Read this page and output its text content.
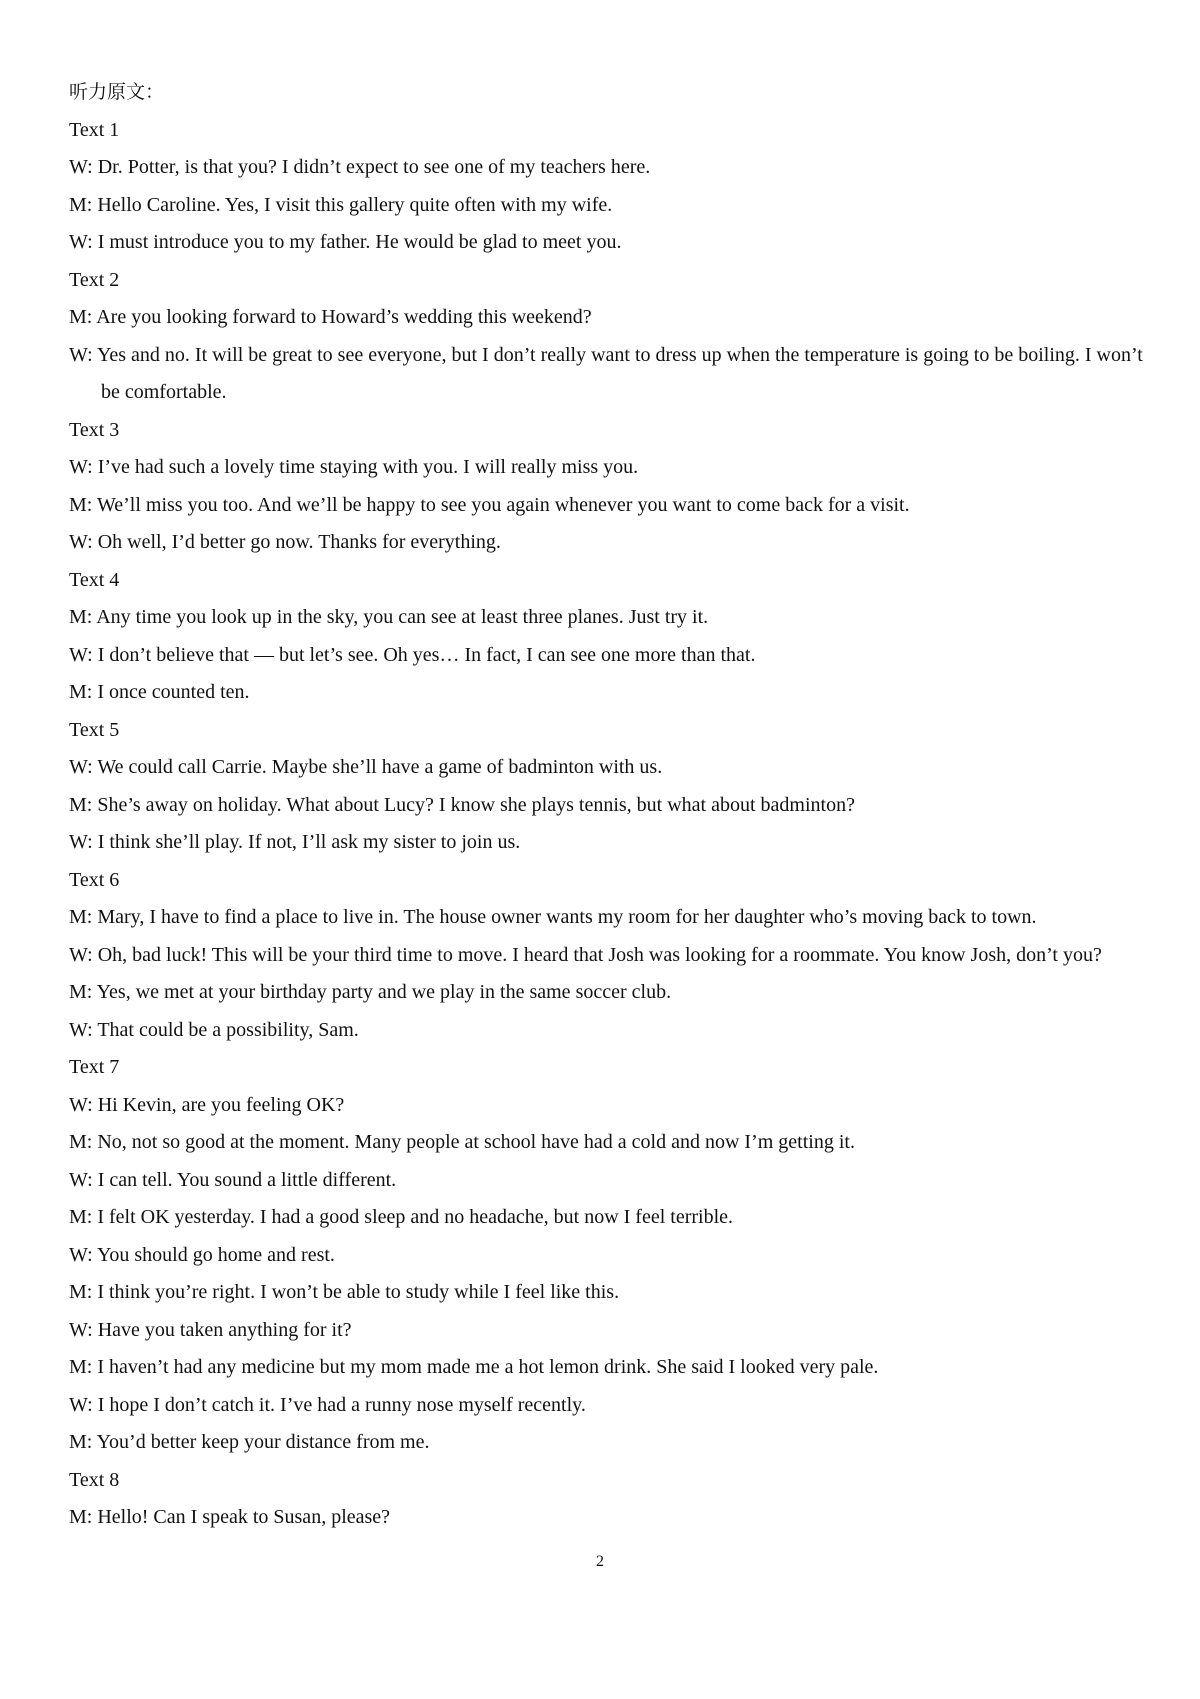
听力原文：
Text 1
W: Dr. Potter, is that you? I didn’t expect to see one of my teachers here.
M: Hello Caroline. Yes, I visit this gallery quite often with my wife.
W: I must introduce you to my father. He would be glad to meet you.
Text 2
M: Are you looking forward to Howard’s wedding this weekend?
W: Yes and no. It will be great to see everyone, but I don’t really want to dress up when the temperature is going to be boiling. I won’t be comfortable.
Text 3
W: I’ve had such a lovely time staying with you. I will really miss you.
M: We’ll miss you too. And we’ll be happy to see you again whenever you want to come back for a visit.
W: Oh well, I’d better go now. Thanks for everything.
Text 4
M: Any time you look up in the sky, you can see at least three planes. Just try it.
W: I don’t believe that — but let’s see. Oh yes… In fact, I can see one more than that.
M: I once counted ten.
Text 5
W: We could call Carrie. Maybe she’ll have a game of badminton with us.
M: She’s away on holiday. What about Lucy? I know she plays tennis, but what about badminton?
W: I think she’ll play. If not, I’ll ask my sister to join us.
Text 6
M: Mary, I have to find a place to live in. The house owner wants my room for her daughter who’s moving back to town.
W: Oh, bad luck! This will be your third time to move. I heard that Josh was looking for a roommate. You know Josh, don’t you?
M: Yes, we met at your birthday party and we play in the same soccer club.
W: That could be a possibility, Sam.
Text 7
W: Hi Kevin, are you feeling OK?
M: No, not so good at the moment. Many people at school have had a cold and now I’m getting it.
W: I can tell. You sound a little different.
M: I felt OK yesterday. I had a good sleep and no headache, but now I feel terrible.
W: You should go home and rest.
M: I think you’re right. I won’t be able to study while I feel like this.
W: Have you taken anything for it?
M: I haven’t had any medicine but my mom made me a hot lemon drink. She said I looked very pale.
W: I hope I don’t catch it. I’ve had a runny nose myself recently.
M: You’d better keep your distance from me.
Text 8
M: Hello! Can I speak to Susan, please?
2
